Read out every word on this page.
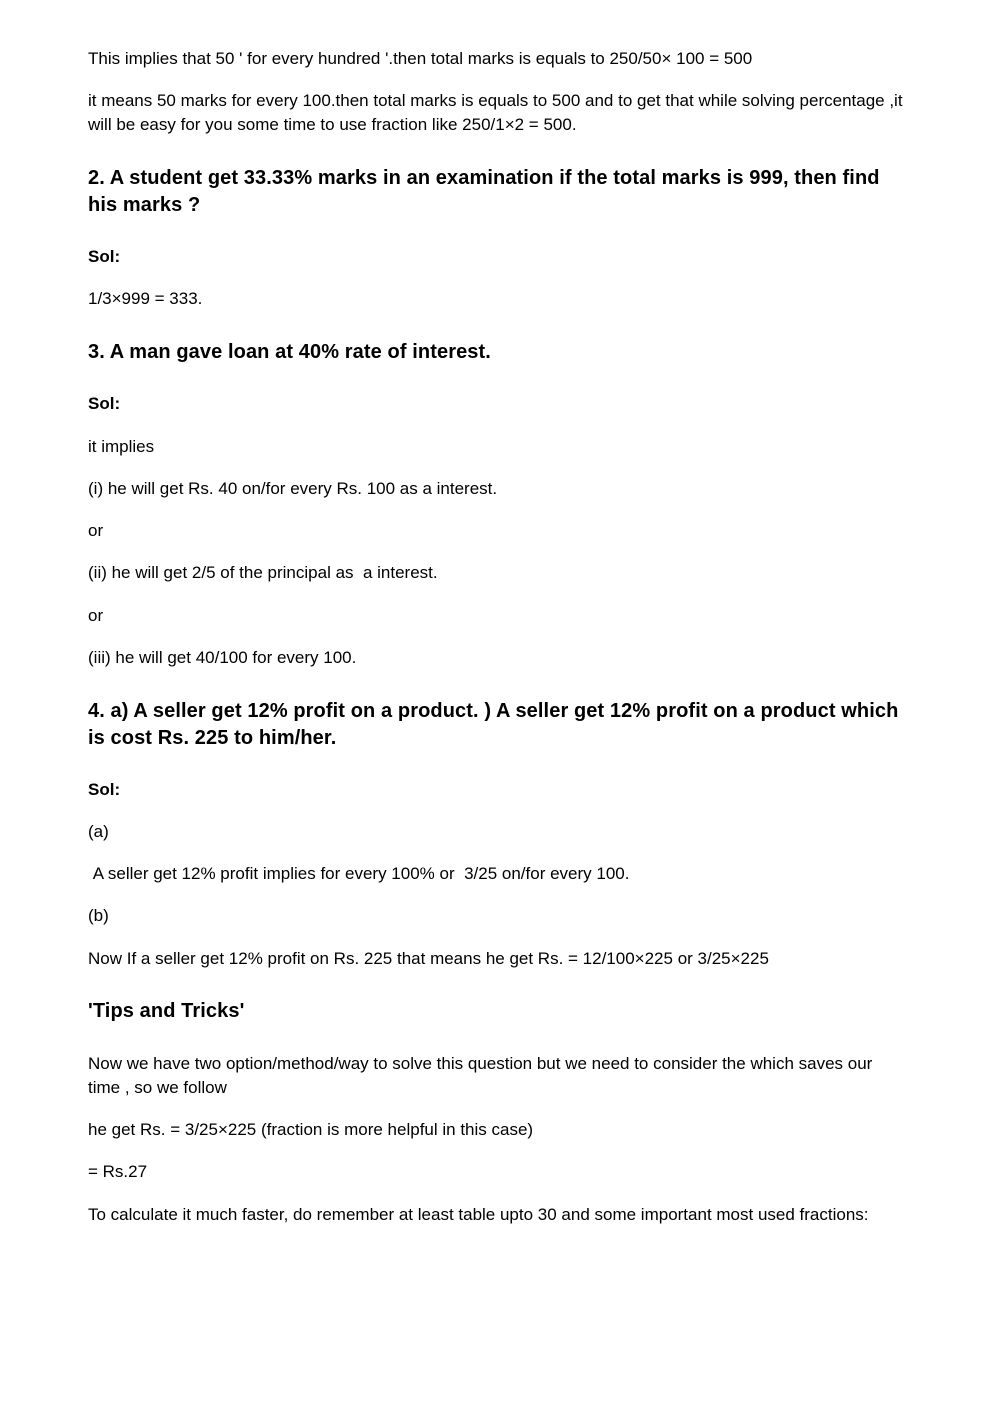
This implies that 50 ' for every hundred '.then total marks is equals to 250/50× 100 = 500

it means 50 marks for every 100.then total marks is equals to 500 and to get that while solving percentage ,it will be easy for you some time to use fraction like 250/1×2 = 500.

2. A student get 33.33% marks in an examination if the total marks is 999, then find his marks ?
Sol:

1/3×999 = 333.

3. A man gave loan at 40% rate of interest.
Sol:

it implies

(i) he will get Rs. 40 on/for every Rs. 100 as a interest.

or

(ii) he will get 2/5 of the principal as  a interest.

or

(iii) he will get 40/100 for every 100.

4. a) A seller get 12% profit on a product. ) A seller get 12% profit on a product which is cost Rs. 225 to him/her.
Sol:

(a)

A seller get 12% profit implies for every 100% or  3/25 on/for every 100.

(b)

Now If a seller get 12% profit on Rs. 225 that means he get Rs. = 12/100×225 or 3/25×225

'Tips and Tricks'

Now we have two option/method/way to solve this question but we need to consider the which saves our time , so we follow

he get Rs. = 3/25×225 (fraction is more helpful in this case)

= Rs.27

To calculate it much faster, do remember at least table upto 30 and some important most used fractions:
